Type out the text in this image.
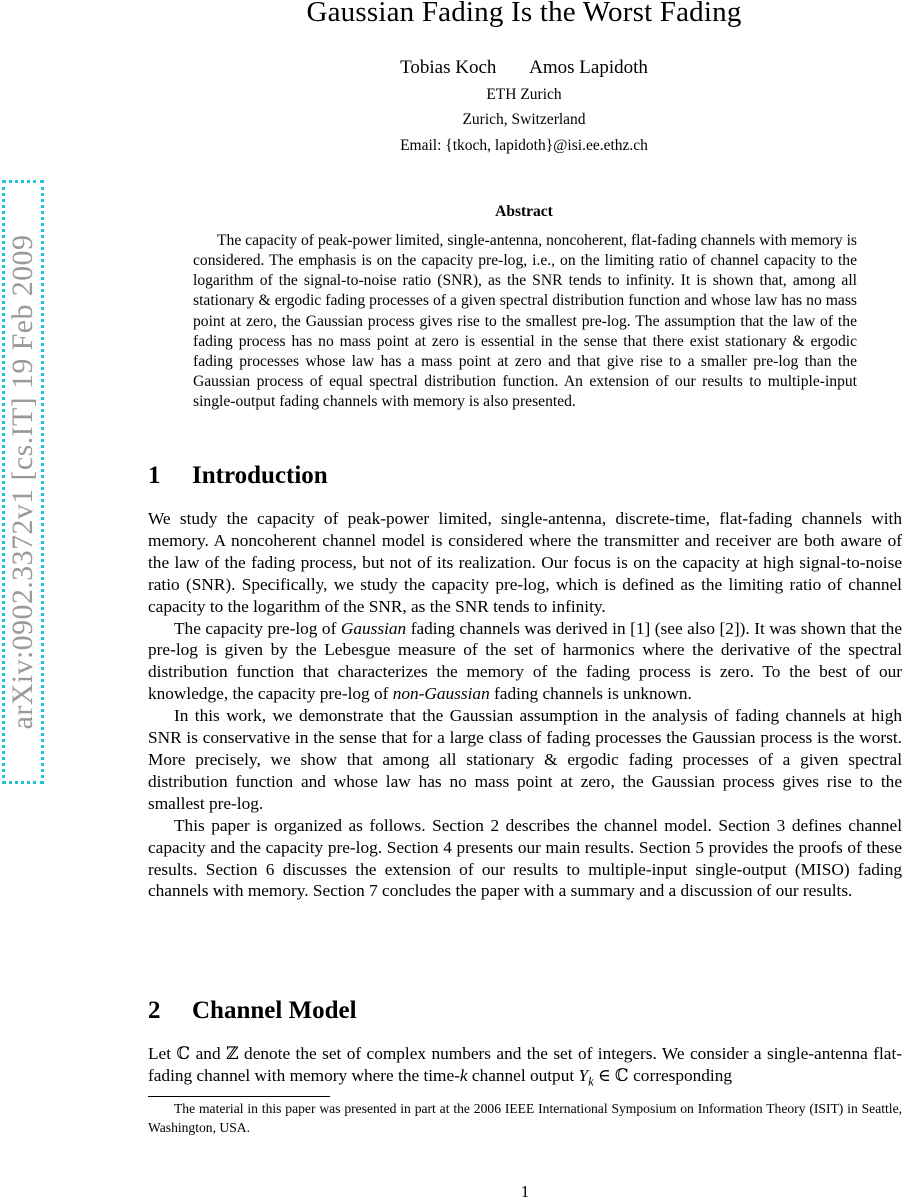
arXiv:0902.3372v1 [cs.IT] 19 Feb 2009
Gaussian Fading Is the Worst Fading
Tobias Koch Amos Lapidoth
ETH Zurich
Zurich, Switzerland
Email: {tkoch, lapidoth}@isi.ee.ethz.ch
Abstract

The capacity of peak-power limited, single-antenna, noncoherent, flat-fading channels with memory is considered. The emphasis is on the capacity pre-log, i.e., on the limiting ratio of channel capacity to the logarithm of the signal-to-noise ratio (SNR), as the SNR tends to infinity. It is shown that, among all stationary & ergodic fading processes of a given spectral distribution function and whose law has no mass point at zero, the Gaussian process gives rise to the smallest pre-log. The assumption that the law of the fading process has no mass point at zero is essential in the sense that there exist stationary & ergodic fading processes whose law has a mass point at zero and that give rise to a smaller pre-log than the Gaussian process of equal spectral distribution function. An extension of our results to multiple-input single-output fading channels with memory is also presented.

1 Introduction

We study the capacity of peak-power limited, single-antenna, discrete-time, flat-fading channels with memory. A noncoherent channel model is considered where the transmitter and receiver are both aware of the law of the fading process, but not of its realization. Our focus is on the capacity at high signal-to-noise ratio (SNR). Specifically, we study the capacity pre-log, which is defined as the limiting ratio of channel capacity to the logarithm of the SNR, as the SNR tends to infinity.

The capacity pre-log of Gaussian fading channels was derived in [1] (see also [2]). It was shown that the pre-log is given by the Lebesgue measure of the set of harmonics where the derivative of the spectral distribution function that characterizes the memory of the fading process is zero. To the best of our knowledge, the capacity pre-log of non-Gaussian fading channels is unknown.

In this work, we demonstrate that the Gaussian assumption in the analysis of fading channels at high SNR is conservative in the sense that for a large class of fading processes the Gaussian process is the worst. More precisely, we show that among all stationary & ergodic fading processes of a given spectral distribution function and whose law has no mass point at zero, the Gaussian process gives rise to the smallest pre-log.

This paper is organized as follows. Section 2 describes the channel model. Section 3 defines channel capacity and the capacity pre-log. Section 4 presents our main results. Section 5 provides the proofs of these results. Section 6 discusses the extension of our results to multiple-input single-output (MISO) fading channels with memory. Section 7 concludes the paper with a summary and a discussion of our results.

2 Channel Model

Let ℂ and ℤ denote the set of complex numbers and the set of integers. We consider a single-antenna flat-fading channel with memory where the time-k channel output $Y_k$ ∈ ℂ corresponding

The material in this paper was presented in part at the 2006 IEEE International Symposium on Information Theory (ISIT) in Seattle, Washington, USA.

1
